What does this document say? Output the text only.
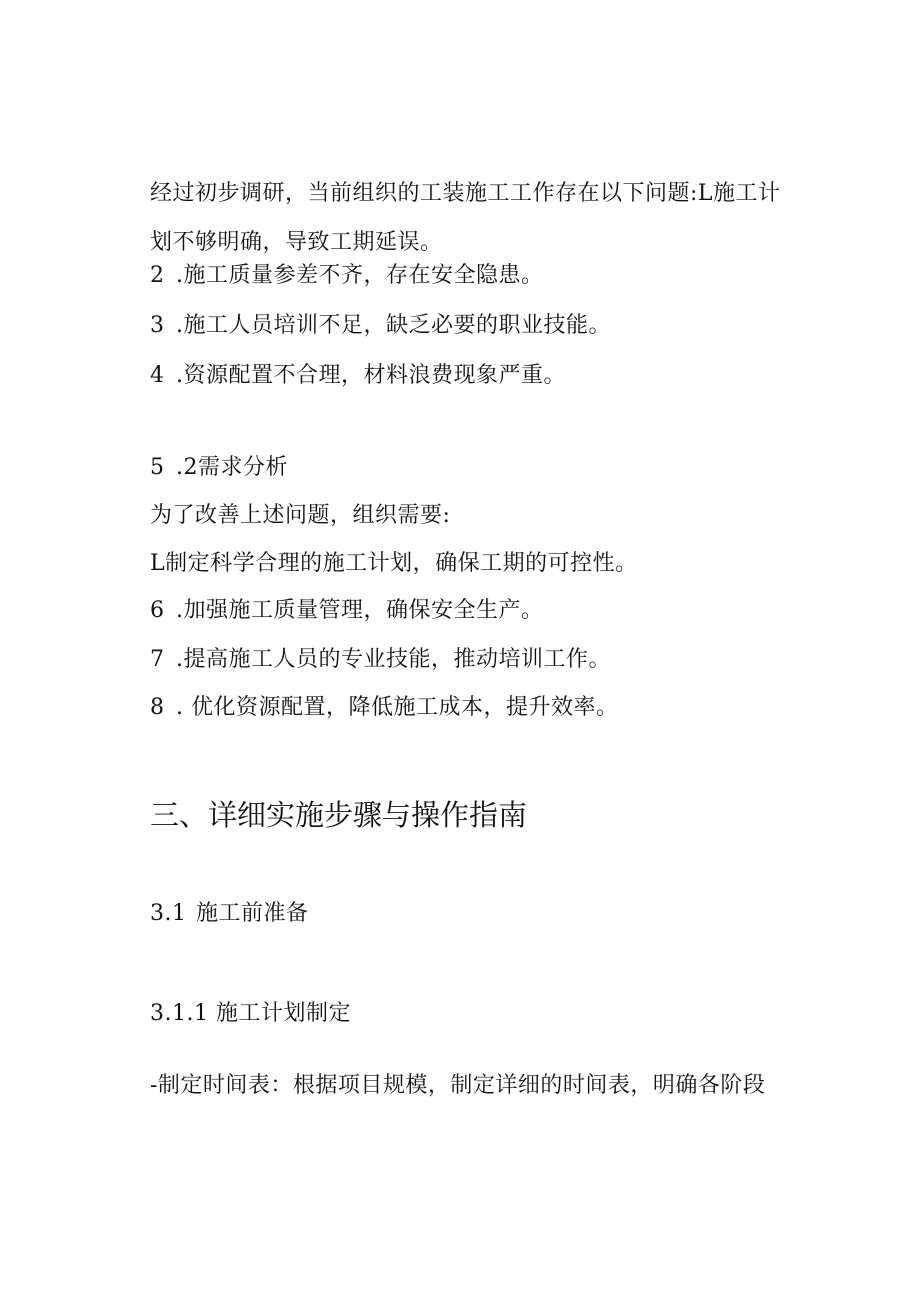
经过初步调研，当前组织的工装施工工作存在以下问题:L施工计
划不够明确，导致工期延误。
2 .施工质量参差不齐，存在安全隐患。
3 .施工人员培训不足，缺乏必要的职业技能。
4 .资源配置不合理，材料浪费现象严重。
5 .2需求分析
为了改善上述问题，组织需要:
L制定科学合理的施工计划，确保工期的可控性。
6 .加强施工质量管理，确保安全生产。
7 .提高施工人员的专业技能，推动培训工作。
8 . 优化资源配置，降低施工成本，提升效率。
三、详细实施步骤与操作指南
3.1 施工前准备
3.1.1 施工计划制定
-制定时间表：根据项目规模，制定详细的时间表，明确各阶段
